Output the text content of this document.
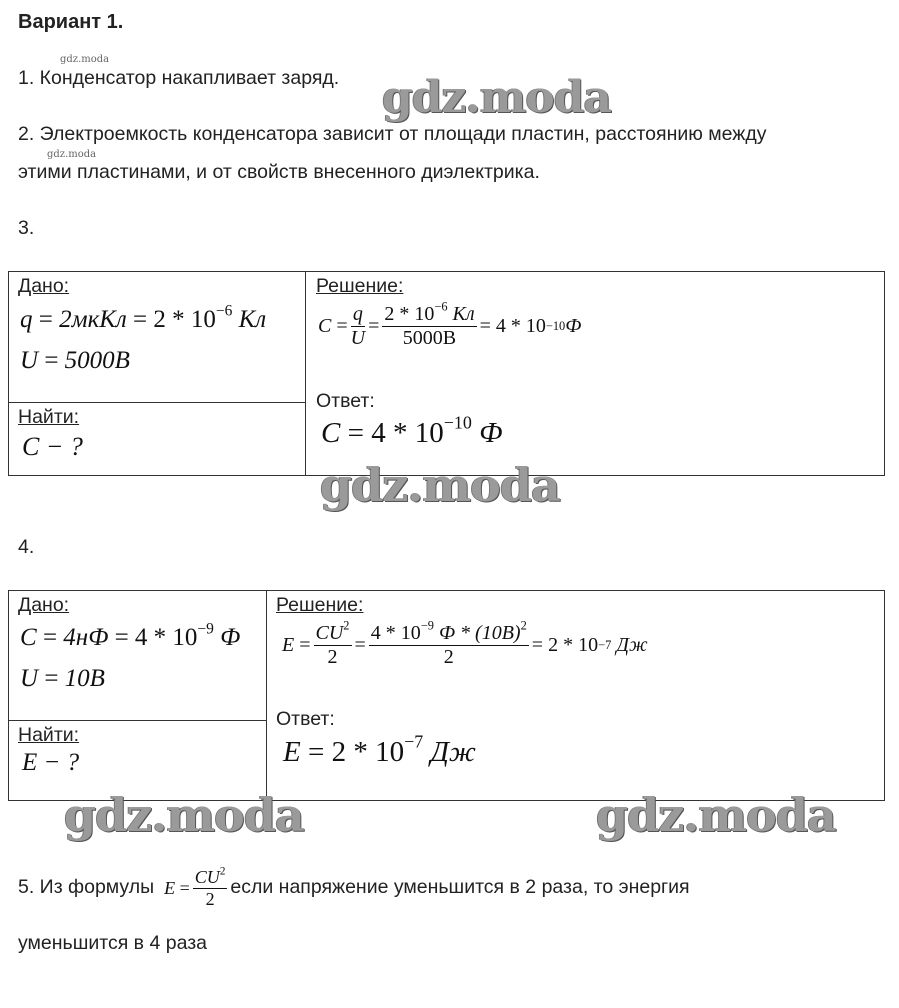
Вариант 1.
gdz.moda
gdz.moda
1. Конденсатор накапливает заряд. gdz.moda
2. Электроемкость конденсатора зависит от площади пластин, расстоянию между
этими пластинами, и от свойств внесенного диэлектрика.
3.
Дано:
q = 2мкКл = $2 * 10^{-6}$ Кл
U = 5000В
Найти:
C − ?
Решение:
$C = \frac{q}{U} = \frac{2 * 10^{-6} Кл}{5000В} = 4 * 10 -10$ Ф
Ответ:
$C = 4 * 10^{-10}$ Ф
gdz.moda
4.
Дано:
$C = 4нФ = 4 * 10^{-9}$ Ф
U = 10В
Найти:
E − ?
Решение:
$E = \frac{CU^2}{2} = \frac{4 * 10^{-9} Ф * (10В)^2}{2} = 2 * 10 -7$
Дж
Ответ:
$E = 2 * 10^{-7}$ Дж
gdz.moda	gdz.moda
5. Из формулы $E = \frac{CU^2}{2}$ если напряжение уменьшится в 2 раза, то энергия
уменьшится в 4 раза
